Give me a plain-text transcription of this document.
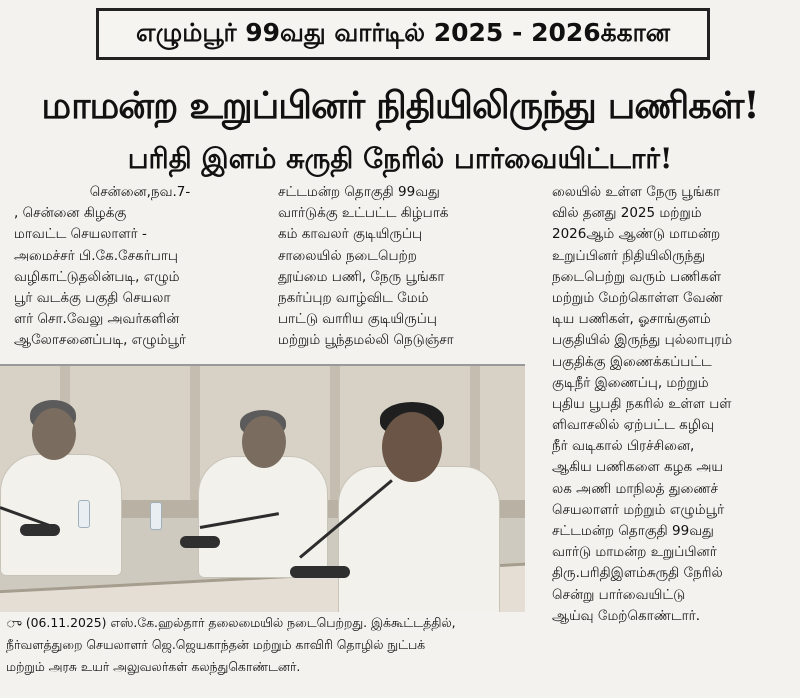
எழும்பூர் 99வது வார்டில் 2025 - 2026க்கான
மாமன்ற உறுப்பினர் நிதியிலிருந்து பணிகள்!
பரிதி இளம் சுருதி நேரில் பார்வையிட்டார்!
சென்னை,நவ.7-
, சென்னை கிழக்கு
மாவட்ட செயலாளர் -
அமைச்சர் பி.கே.சேகர்பாபு
வழிகாட்டுதலின்படி, எழும்
பூர் வடக்கு பகுதி செயலா
ளர் சொ.வேலு அவர்களின்
ஆலோசனைப்படி, எழும்பூர்
சட்டமன்ற தொகுதி 99வது
வார்டுக்கு உட்பட்ட கிழ்பாக்
கம் காவலர் குடியிருப்பு
சாலையில் நடைபெற்ற
தூய்மை பணி, நேரு பூங்கா
நகர்ப்புற வாழ்விட மேம்
பாட்டு வாரிய குடியிருப்பு
மற்றும் பூந்தமல்லி நெடுஞ்சா
லையில் உள்ள நேரு பூங்கா
வில் தனது 2025 மற்றும்
2026ஆம் ஆண்டு மாமன்ற
உறுப்பினர் நிதியிலிருந்து
நடைபெற்று வரும் பணிகள்
மற்றும் மேற்கொள்ள வேண்
டிய பணிகள், ஓசாங்குளம்
பகுதியில் இருந்து புல்லாபுரம்
பகுதிக்கு இணைக்கப்பட்ட
குடிநீர் இணைப்பு, மற்றும்
புதிய பூபதி நகரில் உள்ள பள்
ளிவாசலில் ஏற்பட்ட கழிவு
நீர் வடிகால் பிரச்சினை,
ஆகிய பணிகளை கழக அய
லக அணி மாநிலத் துணைச்
செயலாளர் மற்றும் எழும்பூர்
சட்டமன்ற தொகுதி 99வது
வார்டு மாமன்ற உறுப்பினர்
திரு.பரிதிஇளம்சுருதி நேரில்
சென்று பார்வையிட்டு
ஆய்வு மேற்கொண்டார்.
ு (06.11.2025) எஸ்.கே.ஹல்தார் தலைமையில் நடைபெற்றது. இக்கூட்டத்தில்,
நீர்வளத்துறை செயலாளர் ஜெ.ஜெயகாந்தன் மற்றும் காவிரி தொழில் நுட்பக்
மற்றும் அரசு உயர் அலுவலர்கள் கலந்துகொண்டனர்.
